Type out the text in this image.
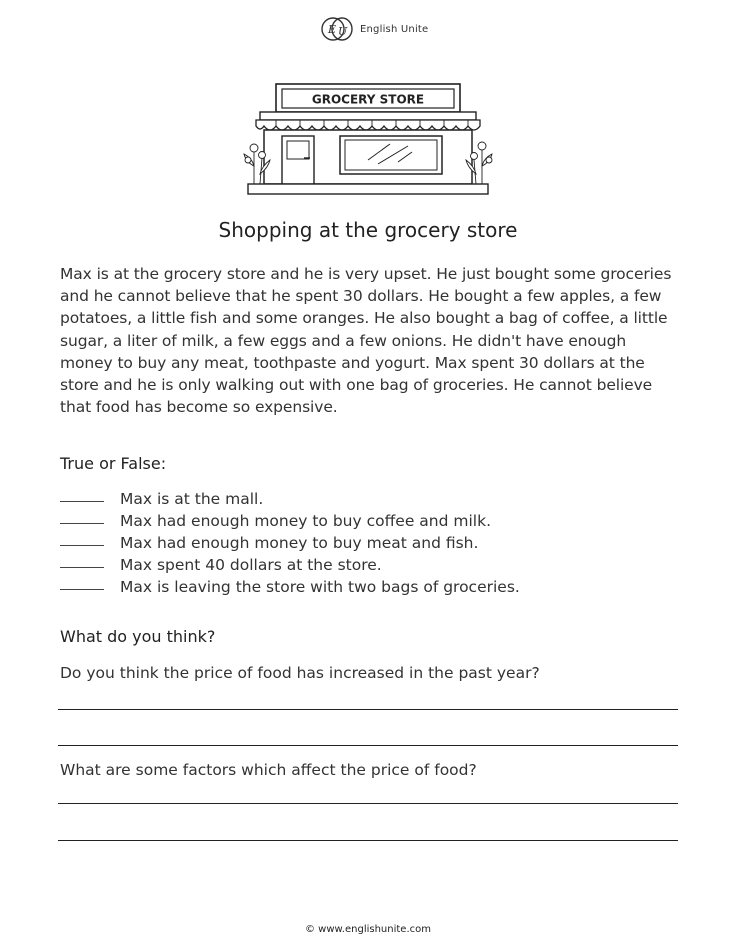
E U English Unite
GROCERY STORE
Shopping at the grocery store

Max is at the grocery store and he is very upset. He just bought some groceries and he cannot believe that he spent 30 dollars. He bought a few apples, a few potatoes, a little fish and some oranges. He also bought a bag of coffee, a little sugar, a liter of milk, a few eggs and a few onions. He didn't have enough money to buy any meat, toothpaste and yogurt. Max spent 30 dollars at the store and he is only walking out with one bag of groceries. He cannot believe that food has become so expensive.

True or False:
Max is at the mall.
Max had enough money to buy coffee and milk.
Max had enough money to buy meat and fish.
Max spent 40 dollars at the store.
Max is leaving the store with two bags of groceries.
What do you think?
Do you think the price of food has increased in the past year?
What are some factors which affect the price of food?
© www.englishunite.com
